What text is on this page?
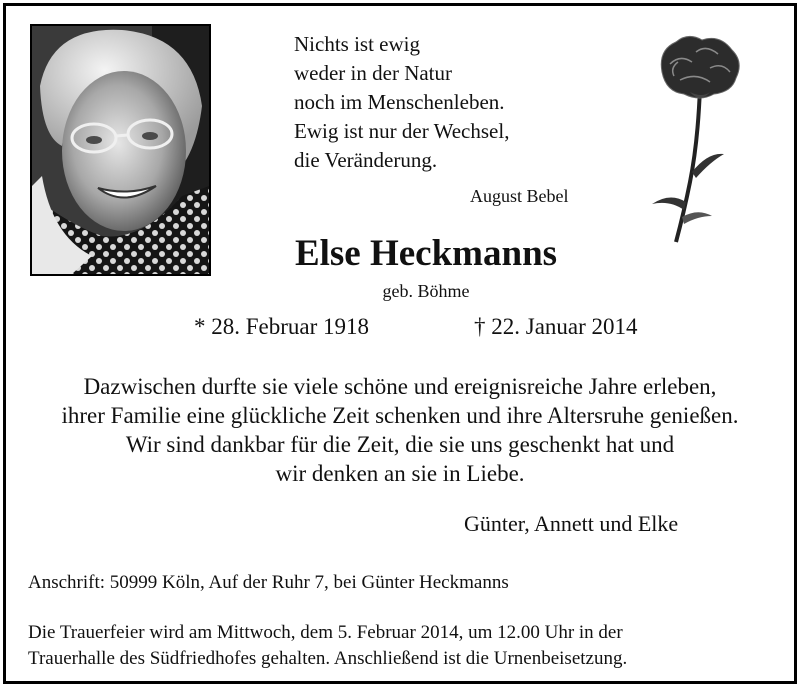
Nichts ist ewig
weder in der Natur
noch im Menschenleben.
Ewig ist nur der Wechsel,
die Veränderung.
August Bebel
Else Heckmanns
geb. Böhme
* 28. Februar 1918	† 22. Januar 2014
Dazwischen durfte sie viele schöne und ereignisreiche Jahre erleben,
ihrer Familie eine glückliche Zeit schenken und ihre Altersruhe genießen.
Wir sind dankbar für die Zeit, die sie uns geschenkt hat und
wir denken an sie in Liebe.
Günter, Annett und Elke
Anschrift: 50999 Köln, Auf der Ruhr 7, bei Günter Heckmanns
Die Trauerfeier wird am Mittwoch, dem 5. Februar 2014, um 12.00 Uhr in der
Trauerhalle des Südfriedhofes gehalten. Anschließend ist die Urnenbeisetzung.
